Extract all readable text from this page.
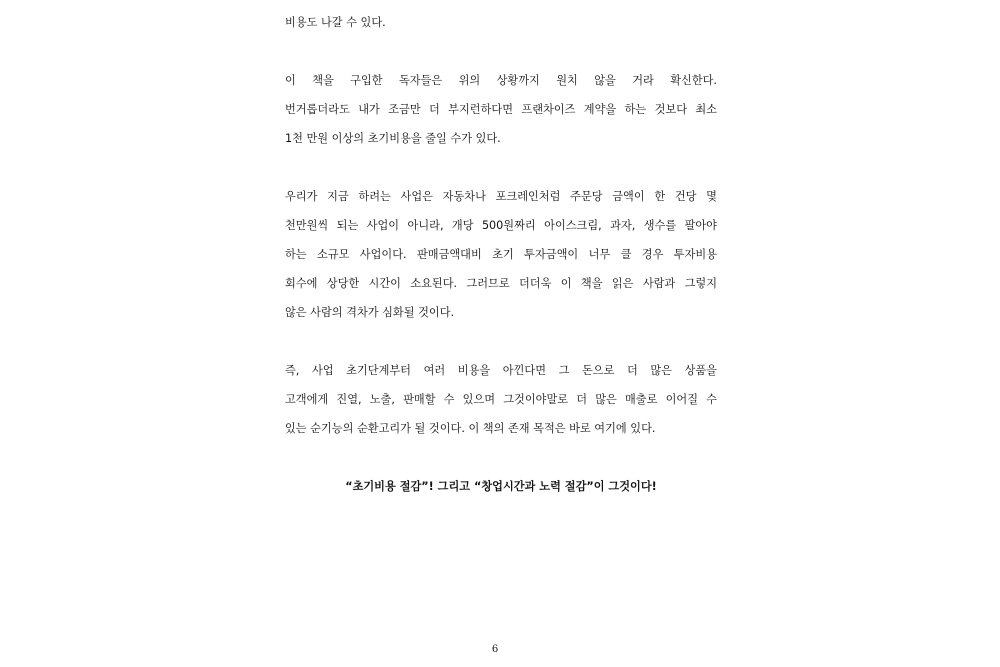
비용도 나갈 수 있다.
이 책을 구입한 독자들은 위의 상황까지 원치 않을 거라 확신한다.
번거롭더라도 내가 조금만 더 부지런하다면 프랜차이즈 계약을 하는 것보다 최소
1천 만원 이상의 초기비용을 줄일 수가 있다.
우리가 지금 하려는 사업은 자동차나 포크레인처럼 주문당 금액이 한 건당 몇
천만원씩 되는 사업이 아니라, 개당 500원짜리 아이스크림, 과자, 생수를 팔아야
하는 소규모 사업이다. 판매금액대비 초기 투자금액이 너무 클 경우 투자비용
회수에 상당한 시간이 소요된다. 그러므로 더더욱 이 책을 읽은 사람과 그렇지
않은 사람의 격차가 심화될 것이다.
즉, 사업 초기단계부터 여러 비용을 아낀다면 그 돈으로 더 많은 상품을
고객에게 진열, 노출, 판매할 수 있으며 그것이야말로 더 많은 매출로 이어질 수
있는 순기능의 순환고리가 될 것이다. 이 책의 존재 목적은 바로 여기에 있다.
“초기비용 절감”! 그리고 “창업시간과 노력 절감”이 그것이다!
6
